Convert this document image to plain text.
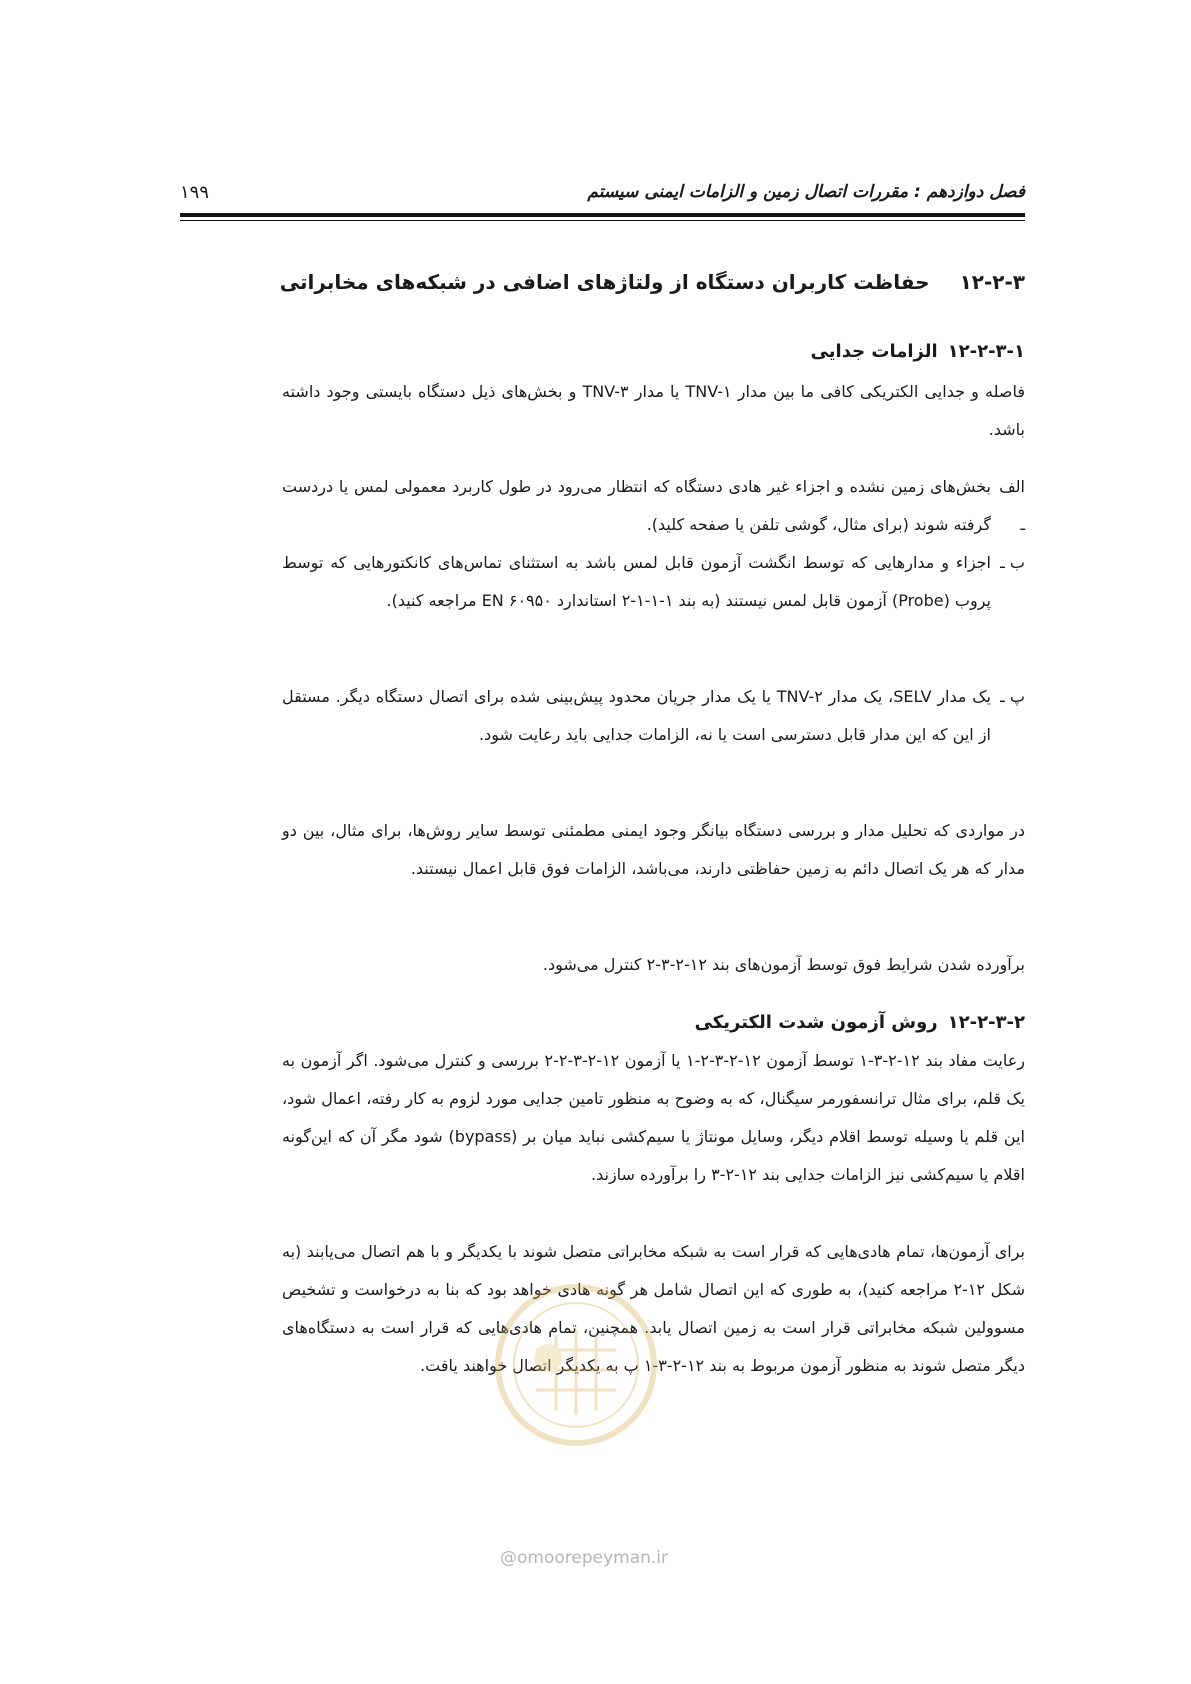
فصل دوازدهم : مقررات اتصال زمین و الزامات ایمنی سیستم
۱۹۹
۱۲-۲-۳حفاظت کاربران دستگاه از ولتاژهای اضافی در شبکه‌های مخابراتی
۱۲-۲-۳-۱الزامات جدایی
فاصله و جدایی الکتریکی کافی ما بین مدار TNV-۱ یا مدار TNV-۳ و بخش‌های ذیل دستگاه بایستی وجود داشته باشد.
الف ـ
بخش‌های زمین نشده و اجزاء غیر هادی دستگاه که انتظار می‌رود در طول کاربرد معمولی لمس یا دردست گرفته شوند (برای مثال، گوشی تلفن یا صفحه کلید).
ب ـ
اجزاء و مدارهایی که توسط انگشت آزمون قابل لمس باشد به استثنای تماس‌های کانکتورهایی که توسط پروب (Probe) آزمون قابل لمس نیستند (به بند ۱-۱-۱-۲ استاندارد EN ۶۰۹۵۰ مراجعه کنید).
پ ـ
یک مدار SELV، یک مدار TNV-۲ یا یک مدار جریان محدود پیش‌بینی شده برای اتصال دستگاه دیگر. مستقل از این که این مدار قابل دسترسی است یا نه، الزامات جدایی باید رعایت شود.
در مواردی که تحلیل مدار و بررسی دستگاه بیانگر وجود ایمنی مطمئنی توسط سایر روش‌ها، برای مثال، بین دو مدار که هر یک اتصال دائم به زمین حفاظتی دارند، می‌باشد، الزامات فوق قابل اعمال نیستند.
برآورده شدن شرایط فوق توسط آزمون‌های بند ۱۲-۲-۳-۲ کنترل می‌شود.
۱۲-۲-۳-۲روش آزمون شدت الکتریکی
رعایت مفاد بند ۱۲-۲-۳-۱ توسط آزمون ۱۲-۲-۳-۲-۱ یا آزمون ۱۲-۲-۳-۲-۲ بررسی و کنترل می‌شود. اگر آزمون به یک قلم، برای مثال ترانسفورمر سیگنال، که به وضوح به منظور تامین جدایی مورد لزوم به کار رفته، اعمال شود، این قلم یا وسیله توسط اقلام دیگر، وسایل مونتاژ یا سیم‌کشی نباید میان بر (bypass) شود مگر آن که این‌گونه اقلام یا سیم‌کشی نیز الزامات جدایی بند ۱۲-۲-۳ را برآورده سازند.
برای آزمون‌ها، تمام هادی‌هایی که قرار است به شبکه مخابراتی متصل شوند با یکدیگر و با هم اتصال می‌یابند (به شکل ۱۲-۲ مراجعه کنید)، به طوری که این اتصال شامل هر گونه هادی خواهد بود که بنا به درخواست و تشخیص مسوولین شبکه مخابراتی قرار است به زمین اتصال یابد. همچنین، تمام هادی‌هایی که قرار است به دستگاه‌های دیگر متصل شوند به منظور آزمون مربوط به بند ۱۲-۲-۳-۱ پ به یکدیگر اتصال خواهند یافت.
@omoorepeyman.ir
